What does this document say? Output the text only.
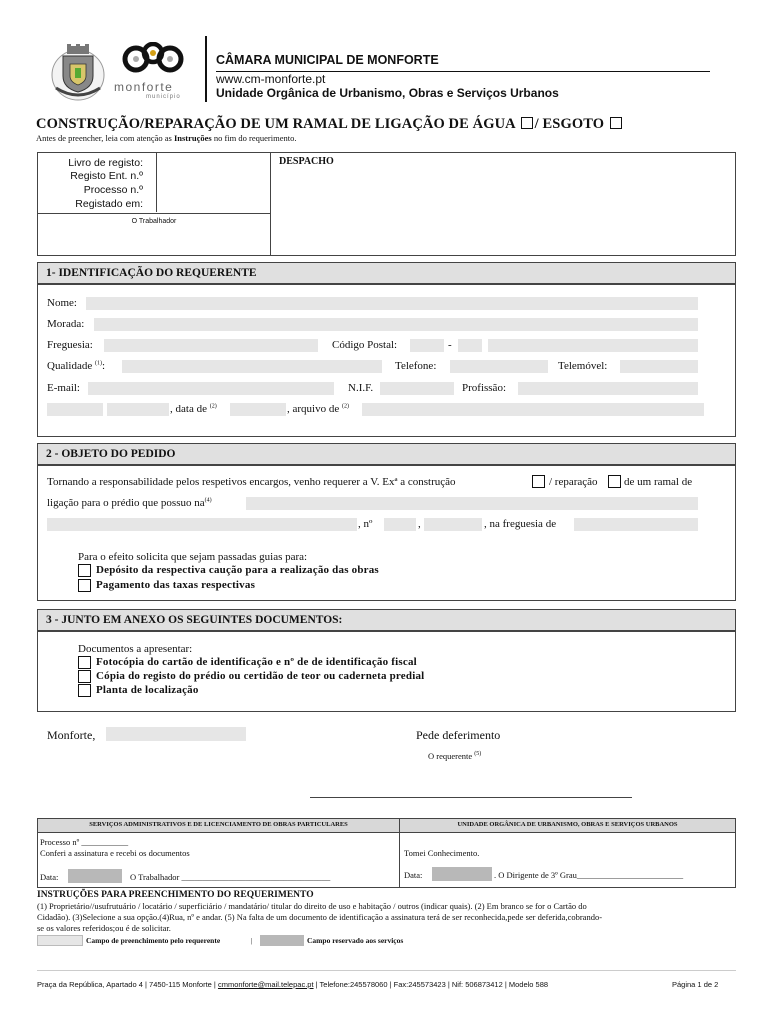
monforte
município
CÂMARA MUNICIPAL DE MONFORTE
www.cm-monforte.pt
Unidade Orgânica de Urbanismo, Obras e Serviços Urbanos
CONSTRUÇÃO/REPARAÇÃO DE UM RAMAL DE LIGAÇÃO DE ÁGUA / ESGOTO
Antes de preencher, leia com atenção as Instruções no fim do requerimento.
Livro de registo:
Registo Ent. n.º
Processo n.º
Registado em:
O Trabalhador
DESPACHO
1- IDENTIFICAÇÃO DO REQUERENTE
Nome:
Morada:
Freguesia:	Código Postal:	-
Qualidade $^{(1)}$:	Telefone:	Telemóvel:
E-mail:	N.I.F.	Profissão:
, data de $^{(2)}$	, arquivo de $^{(2)}$
2 - OBJETO DO PEDIDO
Tornando a responsabilidade pelos respetivos encargos, venho requerer a V. Exª a construção	/ reparação de um ramal de
ligação para o prédio que possuo $na^{(4)}$
, nº	,	, na freguesia de
Para o efeito solicita que sejam passadas guias para:
Depósito da respectiva caução para a realização das obras
Pagamento das taxas respectivas
3 - JUNTO EM ANEXO OS SEGUINTES DOCUMENTOS:
Documentos a apresentar:
Fotocópia do cartão de identificação e nº de de identificação fiscal
Cópia do registo do prédio ou certidão de teor ou caderneta predial
Planta de localização
Monforte,	Pede deferimento
O requerente $^{(5)}$
SERVIÇOS ADMINISTRATIVOS E DE LICENCIAMENTO DE OBRAS PARTICULARES	UNIDADE ORGÂNICA DE URBANISMO, OBRAS E SERVIÇOS URBANOS
Processo nº ___________
Conferi a assinatura e recebi os documentos
Data:	O Trabalhador ___________________________________
Tomei Conhecimento.
Data:	. O Dirigente de 3º Grau_________________________
INSTRUÇÕES PARA PREENCHIMENTO DO REQUERIMENTO
(1) Proprietário//usufrutuário / locatário / superficiário / mandatário/ titular do direito de uso e habitação / outros (indicar quais). (2) Em branco se for o Cartão do
Cidadão). (3)Selecione a sua opção.(4)Rua, nº e andar. (5) Na falta de um documento de identificação a assinatura terá de ser reconhecida,pede ser deferida,cobrando-
se os valores referidos;ou é de solicitar.
Campo de preenchimento pelo requerente	|	Campo reservado aos serviços
Praça da República, Apartado 4 | 7450-115 Monforte | cmmonforte@mail.telepac.pt | Telefone:245578060 | Fax:245573423 | Nif: 506873412 | Modelo 588	Página 1 de 2
